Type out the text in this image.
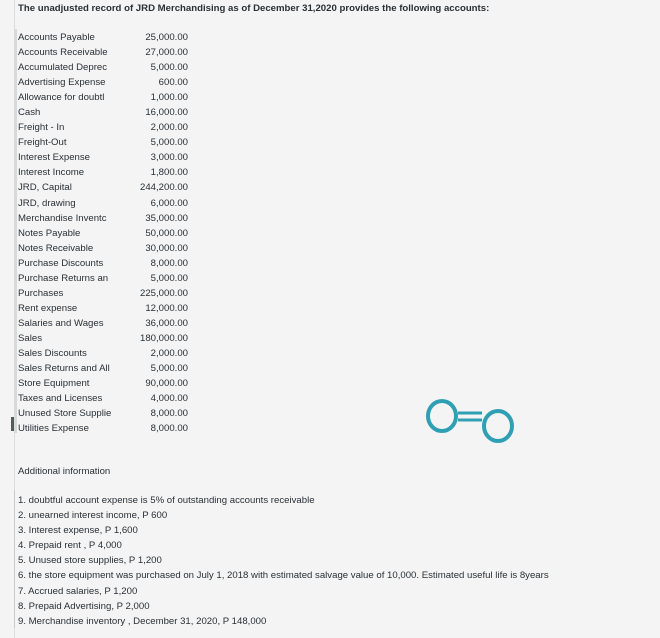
The unadjusted record of JRD Merchandising as of December 31,2020 provides the following accounts:
Accounts Payable	25,000.00
Accounts Receivable	27,000.00
Accumulated Deprec	5,000.00
Advertising Expense	600.00
Allowance for doubtl	1,000.00
Cash	16,000.00
Freight - In	2,000.00
Freight-Out	5,000.00
Interest Expense	3,000.00
Interest Income	1,800.00
JRD, Capital	244,200.00
JRD, drawing	6,000.00
Merchandise Inventc	35,000.00
Notes Payable	50,000.00
Notes Receivable	30,000.00
Purchase Discounts	8,000.00
Purchase Returns an	5,000.00
Purchases	225,000.00
Rent expense	12,000.00
Salaries and Wages	36,000.00
Sales	180,000.00
Sales Discounts	2,000.00
Sales Returns and All	5,000.00
Store Equipment	90,000.00
Taxes and Licenses	4,000.00
Unused Store Supplie	8,000.00
Utilities Expense	8,000.00
Additional information
1. doubtful account expense is 5% of outstanding accounts receivable
2. unearned interest income, P 600
3. Interest expense, P 1,600
4. Prepaid rent , P 4,000
5. Unused store supplies, P 1,200
6. the store equipment was purchased on July 1, 2018 with estimated salvage value of 10,000. Estimated useful life is 8years
7. Accrued salaries, P 1,200
8. Prepaid Advertising, P 2,000
9. Merchandise inventory , December 31, 2020, P 148,000
